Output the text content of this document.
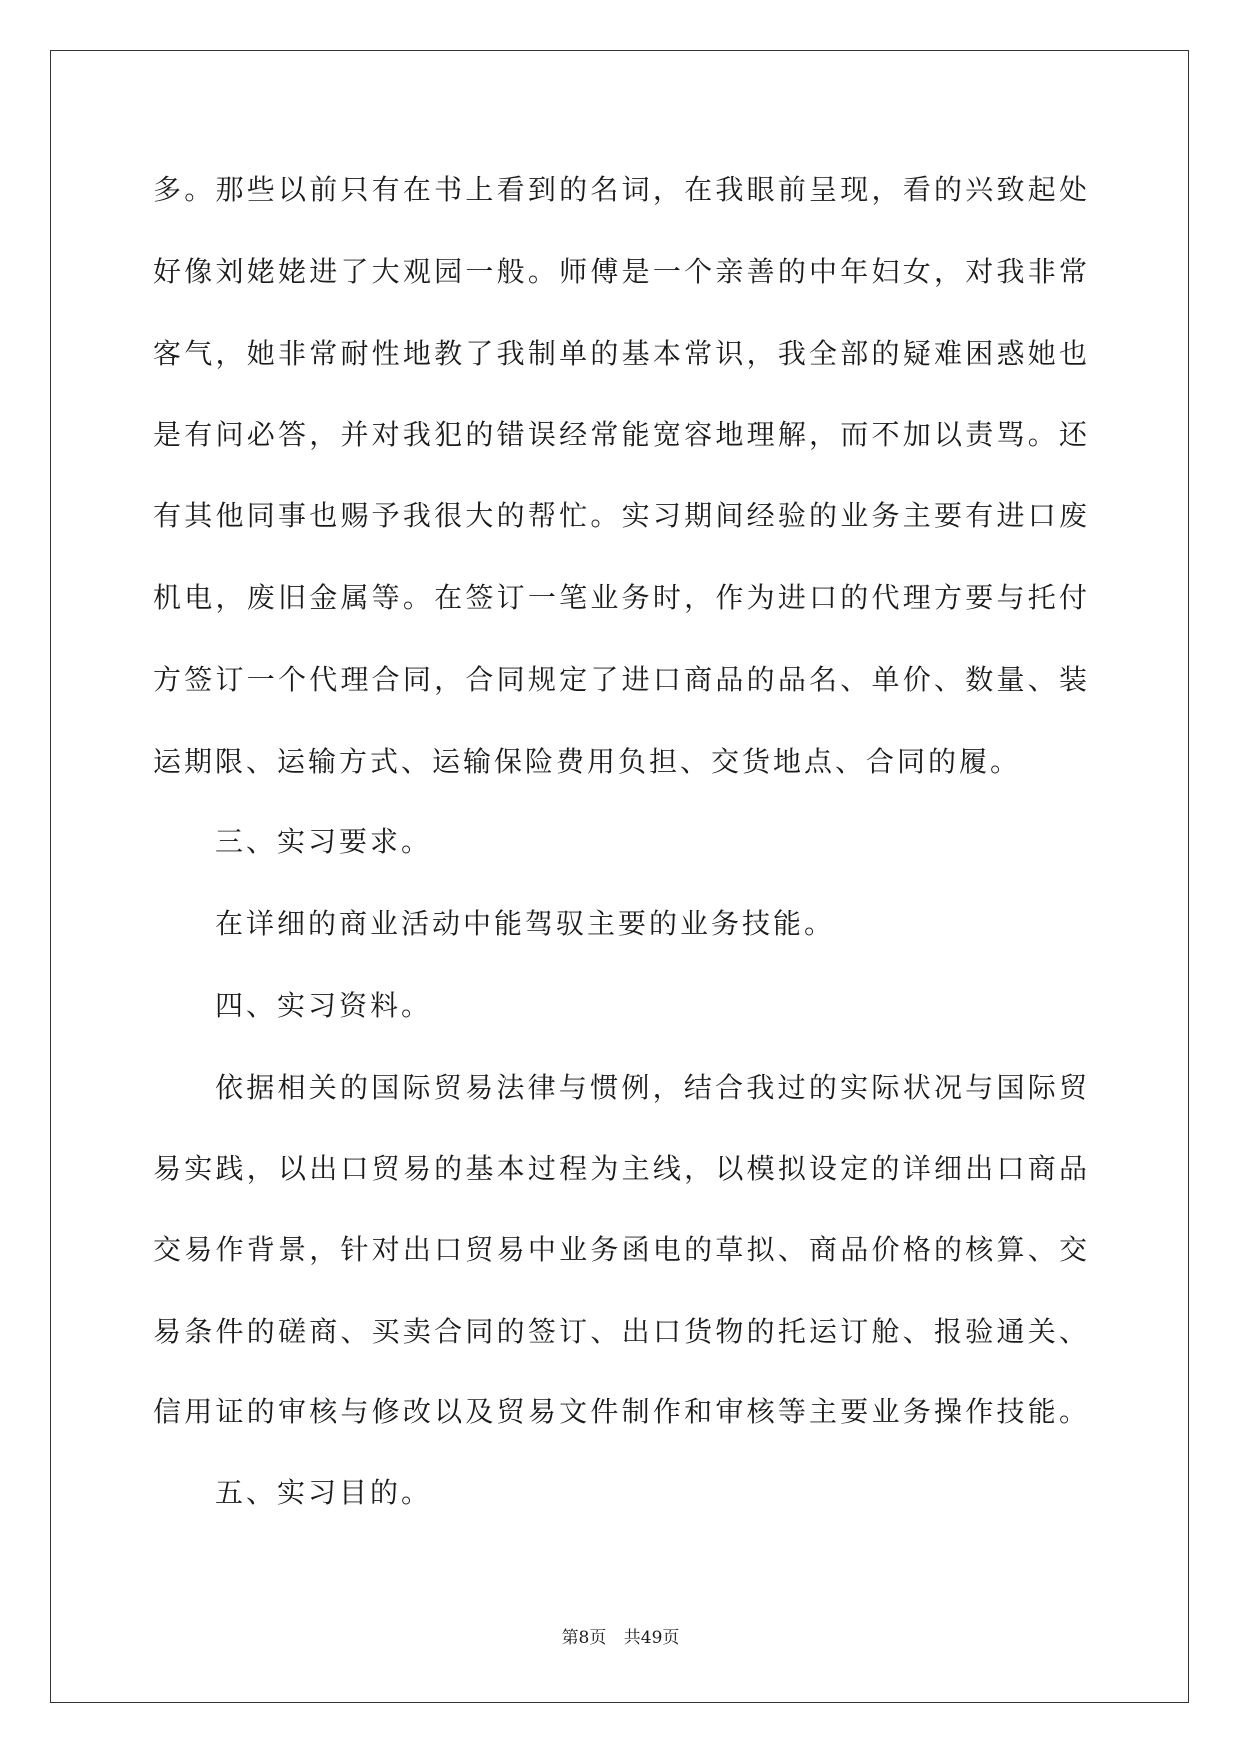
多。那些以前只有在书上看到的名词，在我眼前呈现，看的兴致起处
好像刘姥姥进了大观园一般。师傅是一个亲善的中年妇女，对我非常
客气，她非常耐性地教了我制单的基本常识，我全部的疑难困惑她也
是有问必答，并对我犯的错误经常能宽容地理解，而不加以责骂。还
有其他同事也赐予我很大的帮忙。实习期间经验的业务主要有进口废
机电，废旧金属等。在签订一笔业务时，作为进口的代理方要与托付
方签订一个代理合同，合同规定了进口商品的品名、单价、数量、装
运期限、运输方式、运输保险费用负担、交货地点、合同的履。
三、实习要求。
在详细的商业活动中能驾驭主要的业务技能。
四、实习资料。
依据相关的国际贸易法律与惯例，结合我过的实际状况与国际贸
易实践，以出口贸易的基本过程为主线，以模拟设定的详细出口商品
交易作背景，针对出口贸易中业务函电的草拟、商品价格的核算、交
易条件的磋商、买卖合同的签订、出口货物的托运订舱、报验通关、
信用证的审核与修改以及贸易文件制作和审核等主要业务操作技能。
五、实习目的。
第8页 共49页
